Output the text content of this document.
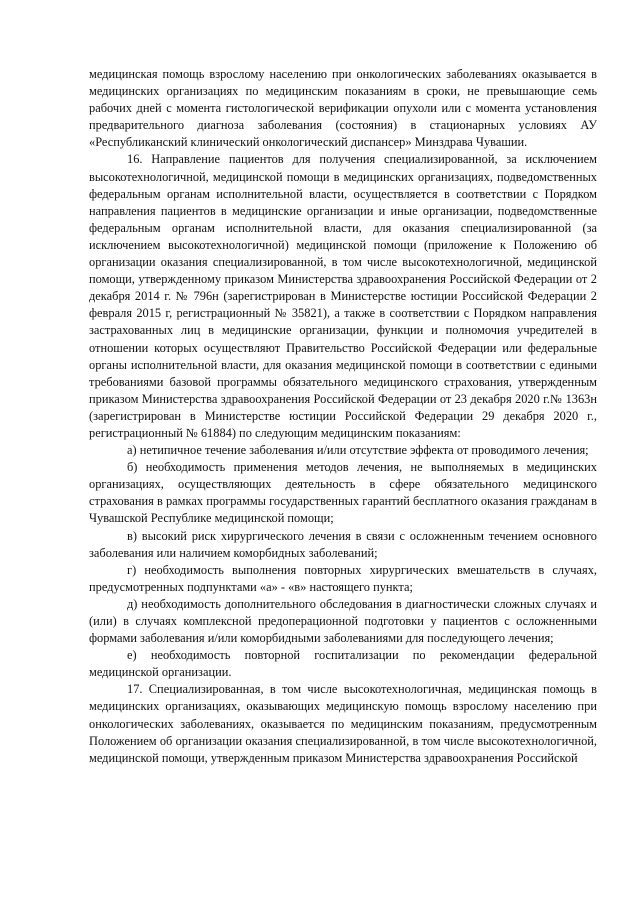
медицинская помощь взрослому населению при онкологических заболеваниях оказывается в медицинских организациях по медицинским показаниям в сроки, не превышающие семь рабочих дней с момента гистологической верификации опухоли или с момента установления предварительного диагноза заболевания (состояния) в стационарных условиях АУ «Республиканский клинический онкологический диспансер» Минздрава Чувашии.

16. Направление пациентов для получения специализированной, за исключением высокотехнологичной, медицинской помощи в медицинских организациях, подведомственных федеральным органам исполнительной власти, осуществляется в соответствии с Порядком направления пациентов в медицинские организации и иные организации, подведомственные федеральным органам исполнительной власти, для оказания специализированной (за исключением высокотехнологичной) медицинской помощи (приложение к Положению об организации оказания специализированной, в том числе высокотехнологичной, медицинской помощи, утвержденному приказом Министерства здравоохранения Российской Федерации от 2 декабря 2014 г. № 796н (зарегистрирован в Министерстве юстиции Российской Федерации 2 февраля 2015 г, регистрационный № 35821), а также в соответствии с Порядком направления застрахованных лиц в медицинские организации, функции и полномочия учредителей в отношении которых осуществляют Правительство Российской Федерации или федеральные органы исполнительной власти, для оказания медицинской помощи в соответствии с едиными требованиями базовой программы обязательного медицинского страхования, утвержденным приказом Министерства здравоохранения Российской Федерации от 23 декабря 2020 г.№ 1363н (зарегистрирован в Министерстве юстиции Российской Федерации 29 декабря 2020 г., регистрационный № 61884) по следующим медицинским показаниям:

а) нетипичное течение заболевания и/или отсутствие эффекта от проводимого лечения;

б) необходимость применения методов лечения, не выполняемых в медицинских организациях, осуществляющих деятельность в сфере обязательного медицинского страхования в рамках программы государственных гарантий бесплатного оказания гражданам в Чувашской Республике медицинской помощи;

в) высокий риск хирургического лечения в связи с осложненным течением основного заболевания или наличием коморбидных заболеваний;

г) необходимость выполнения повторных хирургических вмешательств в случаях, предусмотренных подпунктами «а» - «в» настоящего пункта;

д) необходимость дополнительного обследования в диагностически сложных случаях и (или) в случаях комплексной предоперационной подготовки у пациентов с осложненными формами заболевания и/или коморбидными заболеваниями для последующего лечения;

е) необходимость повторной госпитализации по рекомендации федеральной медицинской организации.

17. Специализированная, в том числе высокотехнологичная, медицинская помощь в медицинских организациях, оказывающих медицинскую помощь взрослому населению при онкологических заболеваниях, оказывается по медицинским показаниям, предусмотренным Положением об организации оказания специализированной, в том числе высокотехнологичной, медицинской помощи, утвержденным приказом Министерства здравоохранения Российской
